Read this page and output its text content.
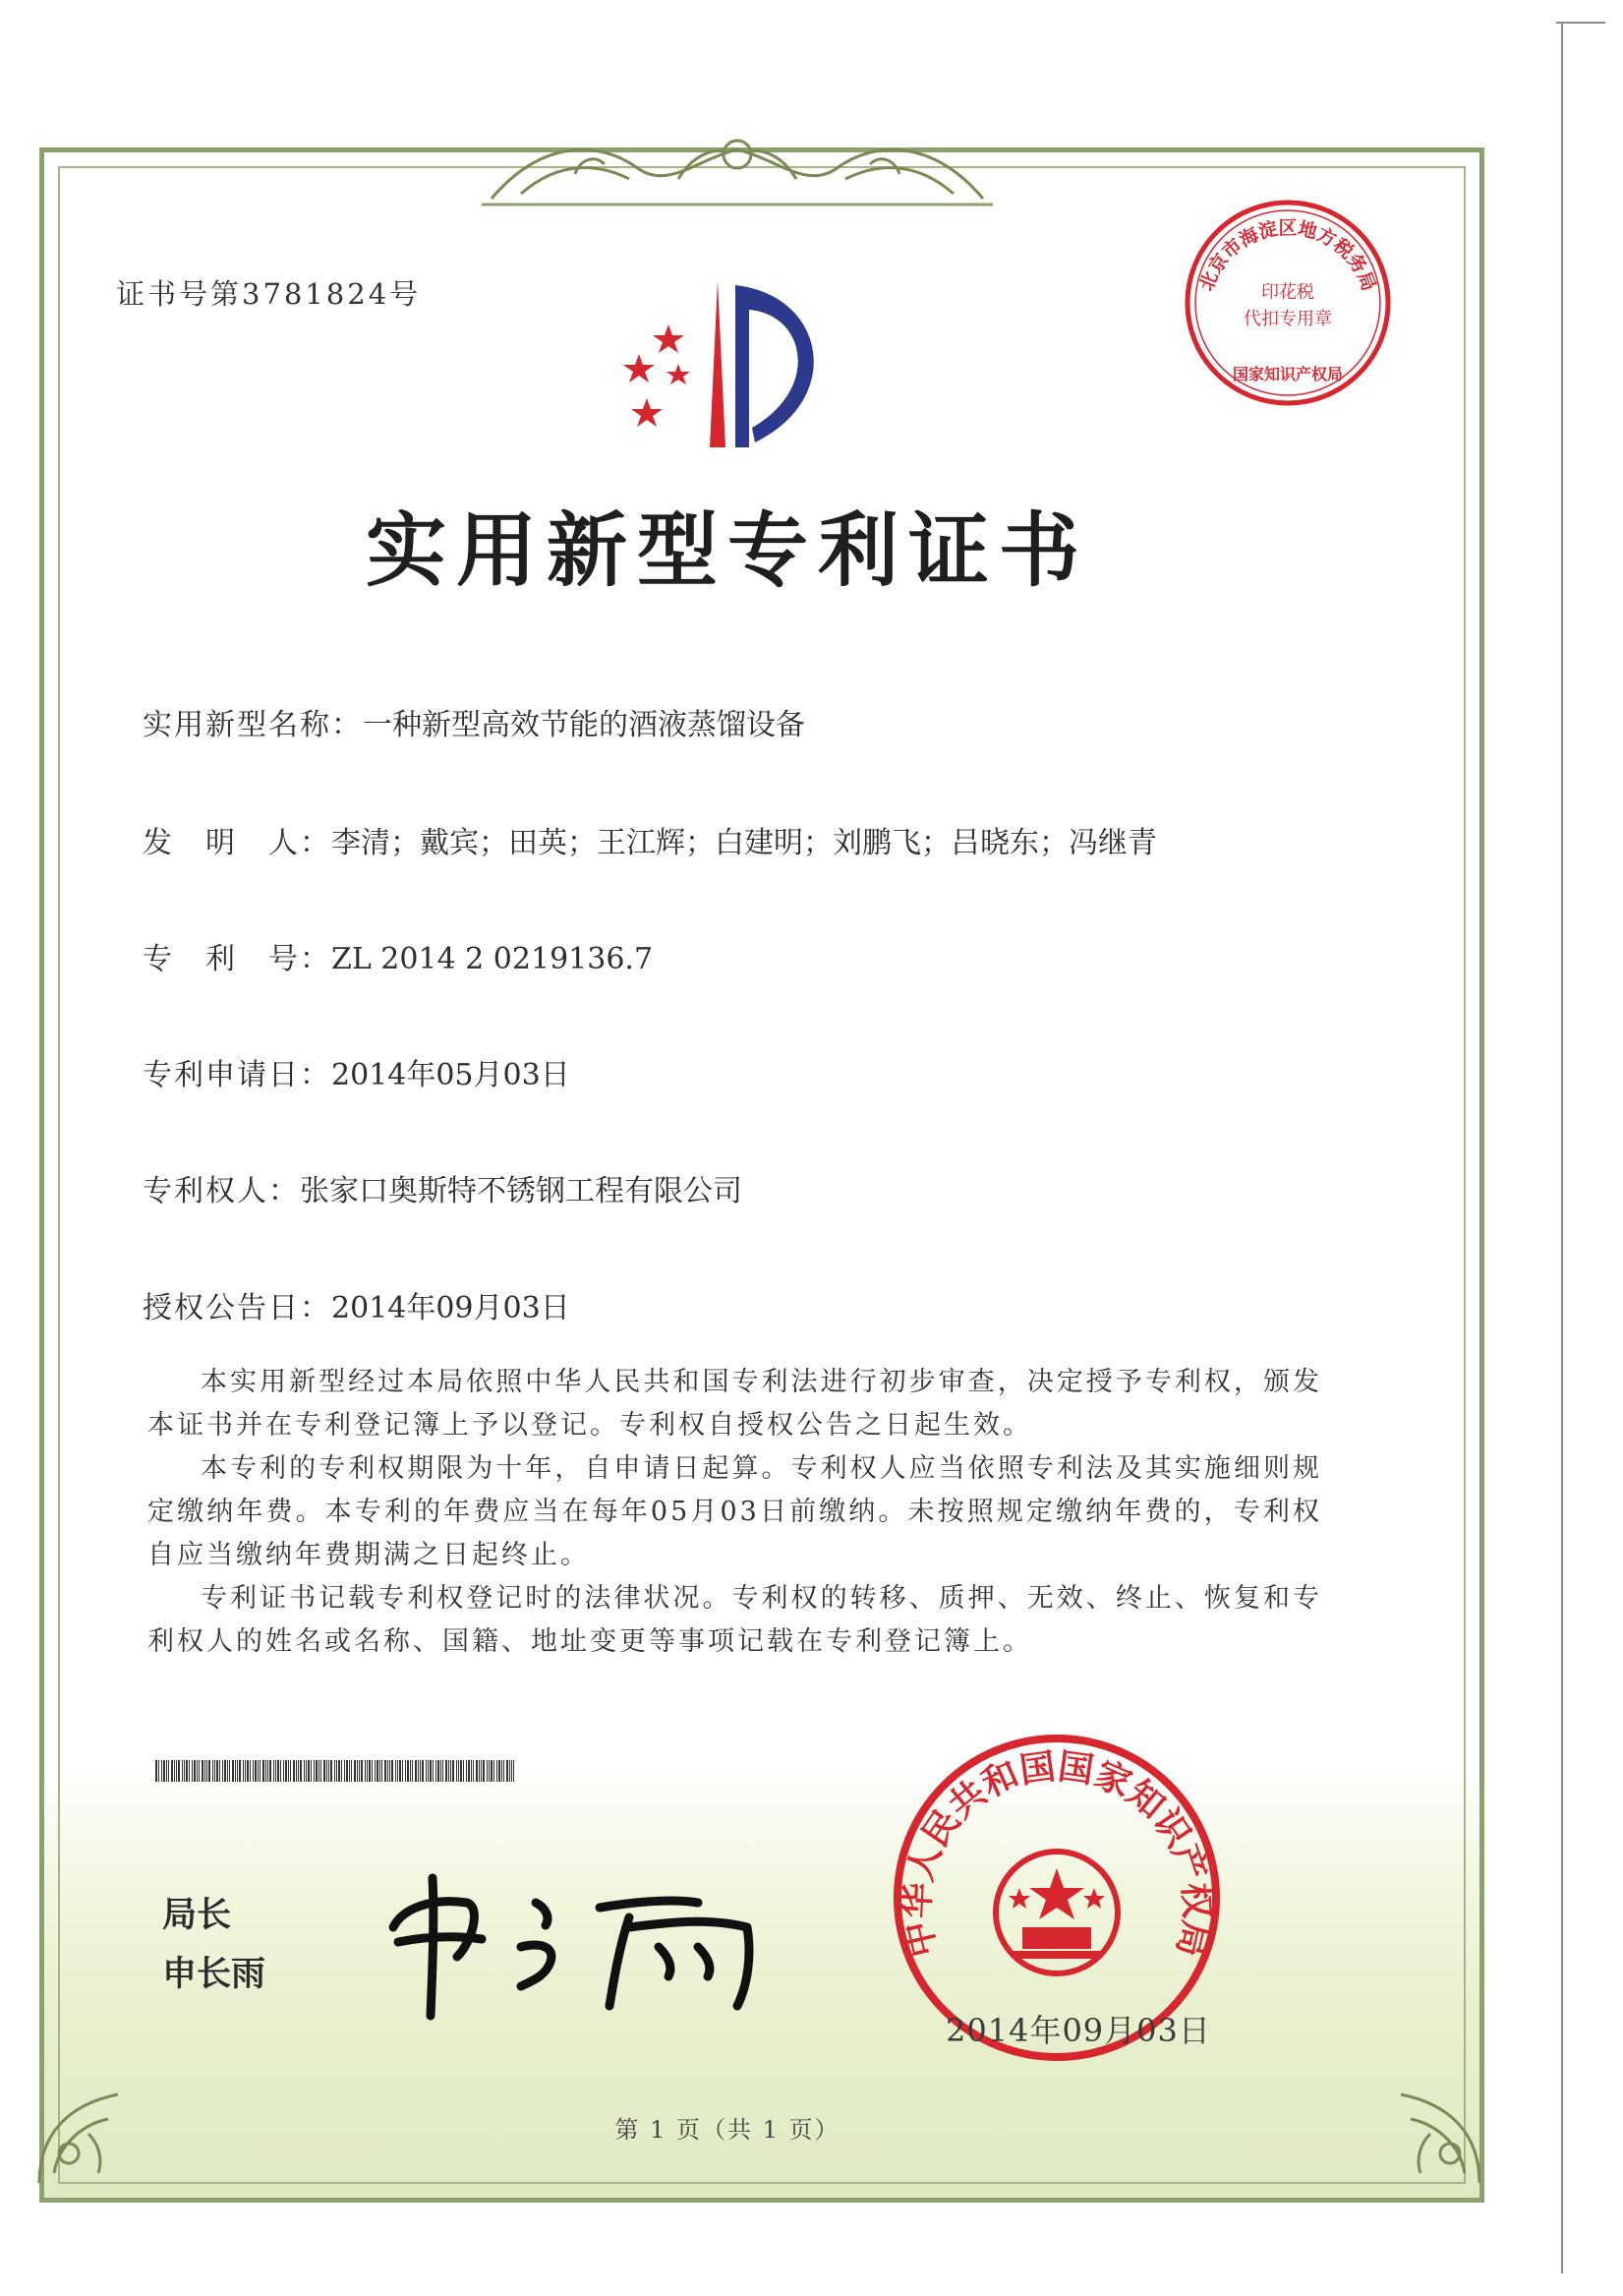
证书号第3781824号	北京市海淀区地方税务局
印花税
代扣专用章
国家知识产权局
实用新型专利证书
实用新型名称：一种新型高效节能的酒液蒸馏设备
发　明　人：李清；戴宾；田英；王江辉；白建明；刘鹏飞；吕晓东；冯继青
专　利　号：ZL 2014 2 0219136.7
专利申请日：2014年05月03日
专利权人：张家口奥斯特不锈钢工程有限公司
授权公告日：2014年09月03日
本实用新型经过本局依照中华人民共和国专利法进行初步审查，决定授予专利权，颁发本证书并在专利登记簿上予以登记。专利权自授权公告之日起生效。
本专利的专利权期限为十年，自申请日起算。专利权人应当依照专利法及其实施细则规定缴纳年费。本专利的年费应当在每年05月03日前缴纳。未按照规定缴纳年费的，专利权自应当缴纳年费期满之日起终止。
专利证书记载专利权登记时的法律状况。专利权的转移、质押、无效、终止、恢复和专利权人的姓名或名称、国籍、地址变更等事项记载在专利登记簿上。
局长
申长雨
中华人民共和国国家知识产权局
2014年09月03日
第 1 页（共 1 页）
